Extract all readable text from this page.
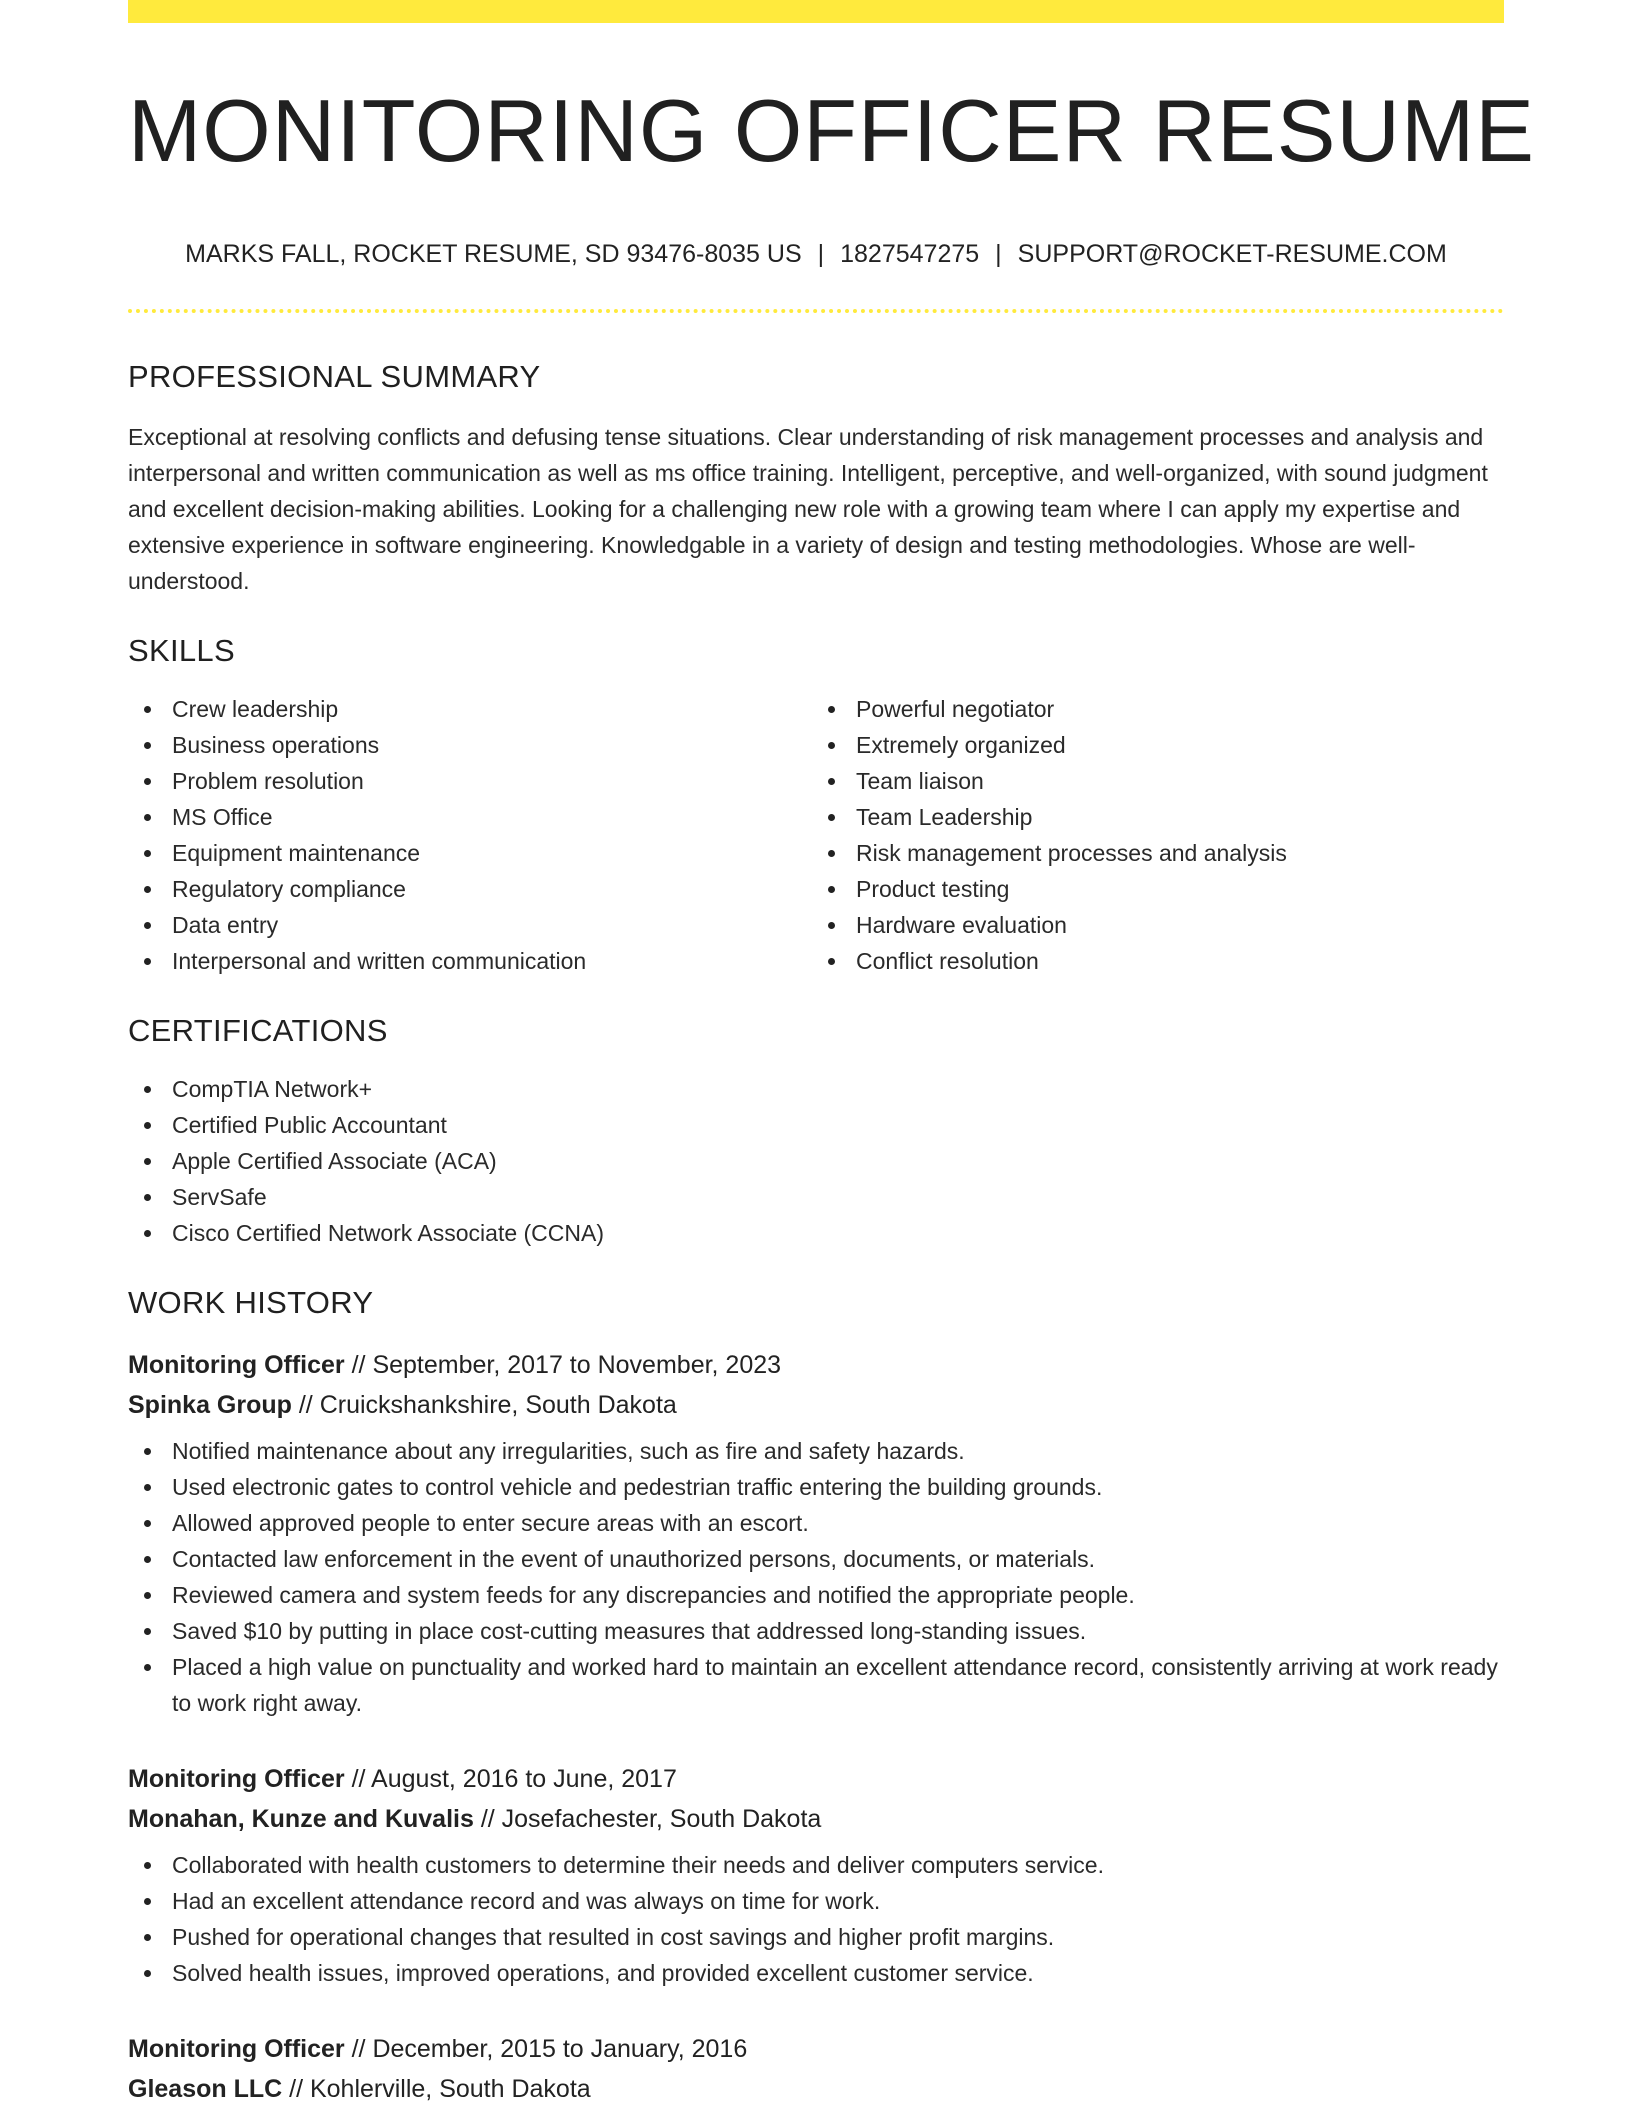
MONITORING OFFICER RESUME
MARKS FALL, ROCKET RESUME, SD 93476-8035 US | 1827547275 | SUPPORT@ROCKET-RESUME.COM
PROFESSIONAL SUMMARY

Exceptional at resolving conflicts and defusing tense situations. Clear understanding of risk management processes and analysis and interpersonal and written communication as well as ms office training. Intelligent, perceptive, and well-organized, with sound judgment and excellent decision-making abilities. Looking for a challenging new role with a growing team where I can apply my expertise and extensive experience in software engineering. Knowledgable in a variety of design and testing methodologies. Whose are well-understood.

SKILLS
Crew leadership
Business operations
Problem resolution
MS Office
Equipment maintenance
Regulatory compliance
Data entry
Interpersonal and written communication
Powerful negotiator
Extremely organized
Team liaison
Team Leadership
Risk management processes and analysis
Product testing
Hardware evaluation
Conflict resolution
CERTIFICATIONS
CompTIA Network+
Certified Public Accountant
Apple Certified Associate (ACA)
ServSafe
Cisco Certified Network Associate (CCNA)
WORK HISTORY
Monitoring Officer // September, 2017 to November, 2023
Spinka Group // Cruickshankshire, South Dakota
Notified maintenance about any irregularities, such as fire and safety hazards.
Used electronic gates to control vehicle and pedestrian traffic entering the building grounds.
Allowed approved people to enter secure areas with an escort.
Contacted law enforcement in the event of unauthorized persons, documents, or materials.
Reviewed camera and system feeds for any discrepancies and notified the appropriate people.
Saved $10 by putting in place cost-cutting measures that addressed long-standing issues.
Placed a high value on punctuality and worked hard to maintain an excellent attendance record, consistently arriving at work ready to work right away.
Monitoring Officer // August, 2016 to June, 2017
Monahan, Kunze and Kuvalis // Josefachester, South Dakota
Collaborated with health customers to determine their needs and deliver computers service.
Had an excellent attendance record and was always on time for work.
Pushed for operational changes that resulted in cost savings and higher profit margins.
Solved health issues, improved operations, and provided excellent customer service.
Monitoring Officer // December, 2015 to January, 2016
Gleason LLC // Kohlerville, South Dakota
